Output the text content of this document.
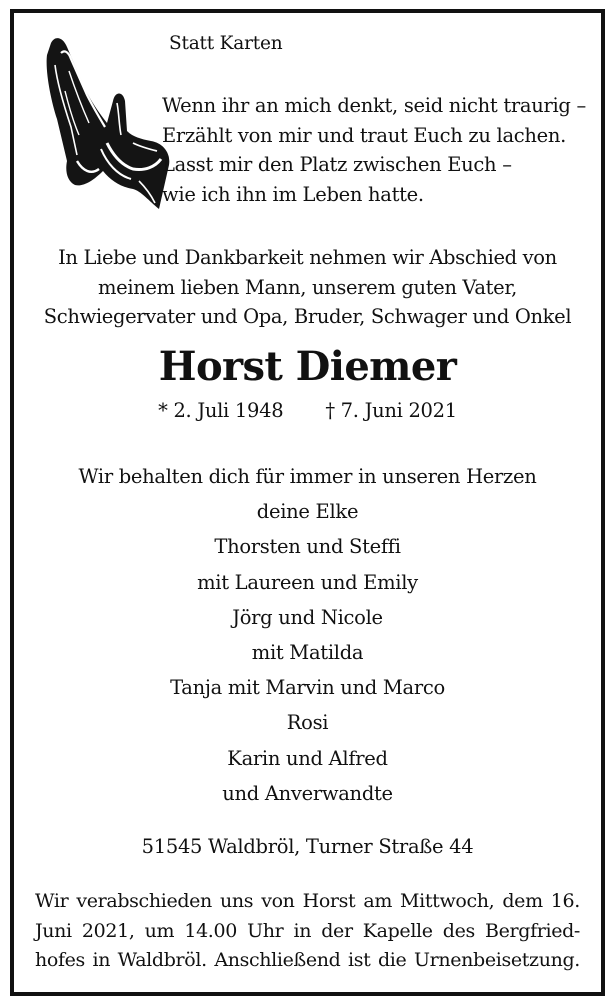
Statt Karten
Wenn ihr an mich denkt, seid nicht traurig –
Erzählt von mir und traut Euch zu lachen.
Lasst mir den Platz zwischen Euch –
wie ich ihn im Leben hatte.
In Liebe und Dankbarkeit nehmen wir Abschied von
meinem lieben Mann, unserem guten Vater,
Schwiegervater und Opa, Bruder, Schwager und Onkel
Horst Diemer
* 2. Juli 1948 † 7. Juni 2021
Wir behalten dich für immer in unseren Herzen
deine Elke
Thorsten und Steffi
mit Laureen und Emily
Jörg und Nicole
mit Matilda
Tanja mit Marvin und Marco
Rosi
Karin und Alfred
und Anverwandte
51545 Waldbröl, Turner Straße 44
Wir verabschieden uns von Horst am Mittwoch, dem 16.
Juni 2021, um 14.00 Uhr in der Kapelle des Bergfried-
hofes in Waldbröl. Anschließend ist die Urnenbeisetzung.
